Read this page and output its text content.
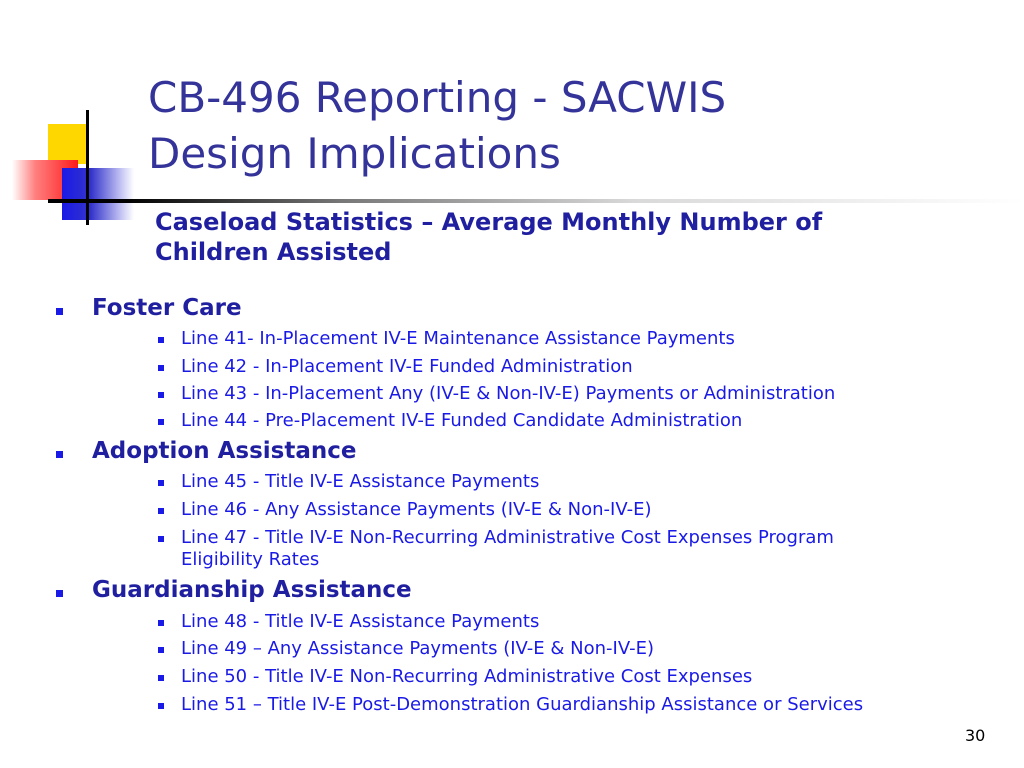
CB-496 Reporting - SACWIS
Design Implications
Caseload Statistics – Average Monthly Number of
Children Assisted
Foster Care
Line 41- In-Placement IV-E Maintenance Assistance Payments
Line 42 - In-Placement IV-E Funded Administration
Line 43 - In-Placement Any (IV-E & Non-IV-E) Payments or Administration
Line 44 - Pre-Placement IV-E Funded Candidate Administration
Adoption Assistance
Line 45 - Title IV-E Assistance Payments
Line 46 - Any Assistance Payments (IV-E & Non-IV-E)
Line 47 - Title IV-E Non-Recurring Administrative Cost Expenses Program
Eligibility Rates
Guardianship Assistance
Line 48 - Title IV-E Assistance Payments
Line 49 – Any Assistance Payments (IV-E & Non-IV-E)
Line 50 - Title IV-E Non-Recurring Administrative Cost Expenses
Line 51 – Title IV-E Post-Demonstration Guardianship Assistance or Services
30
